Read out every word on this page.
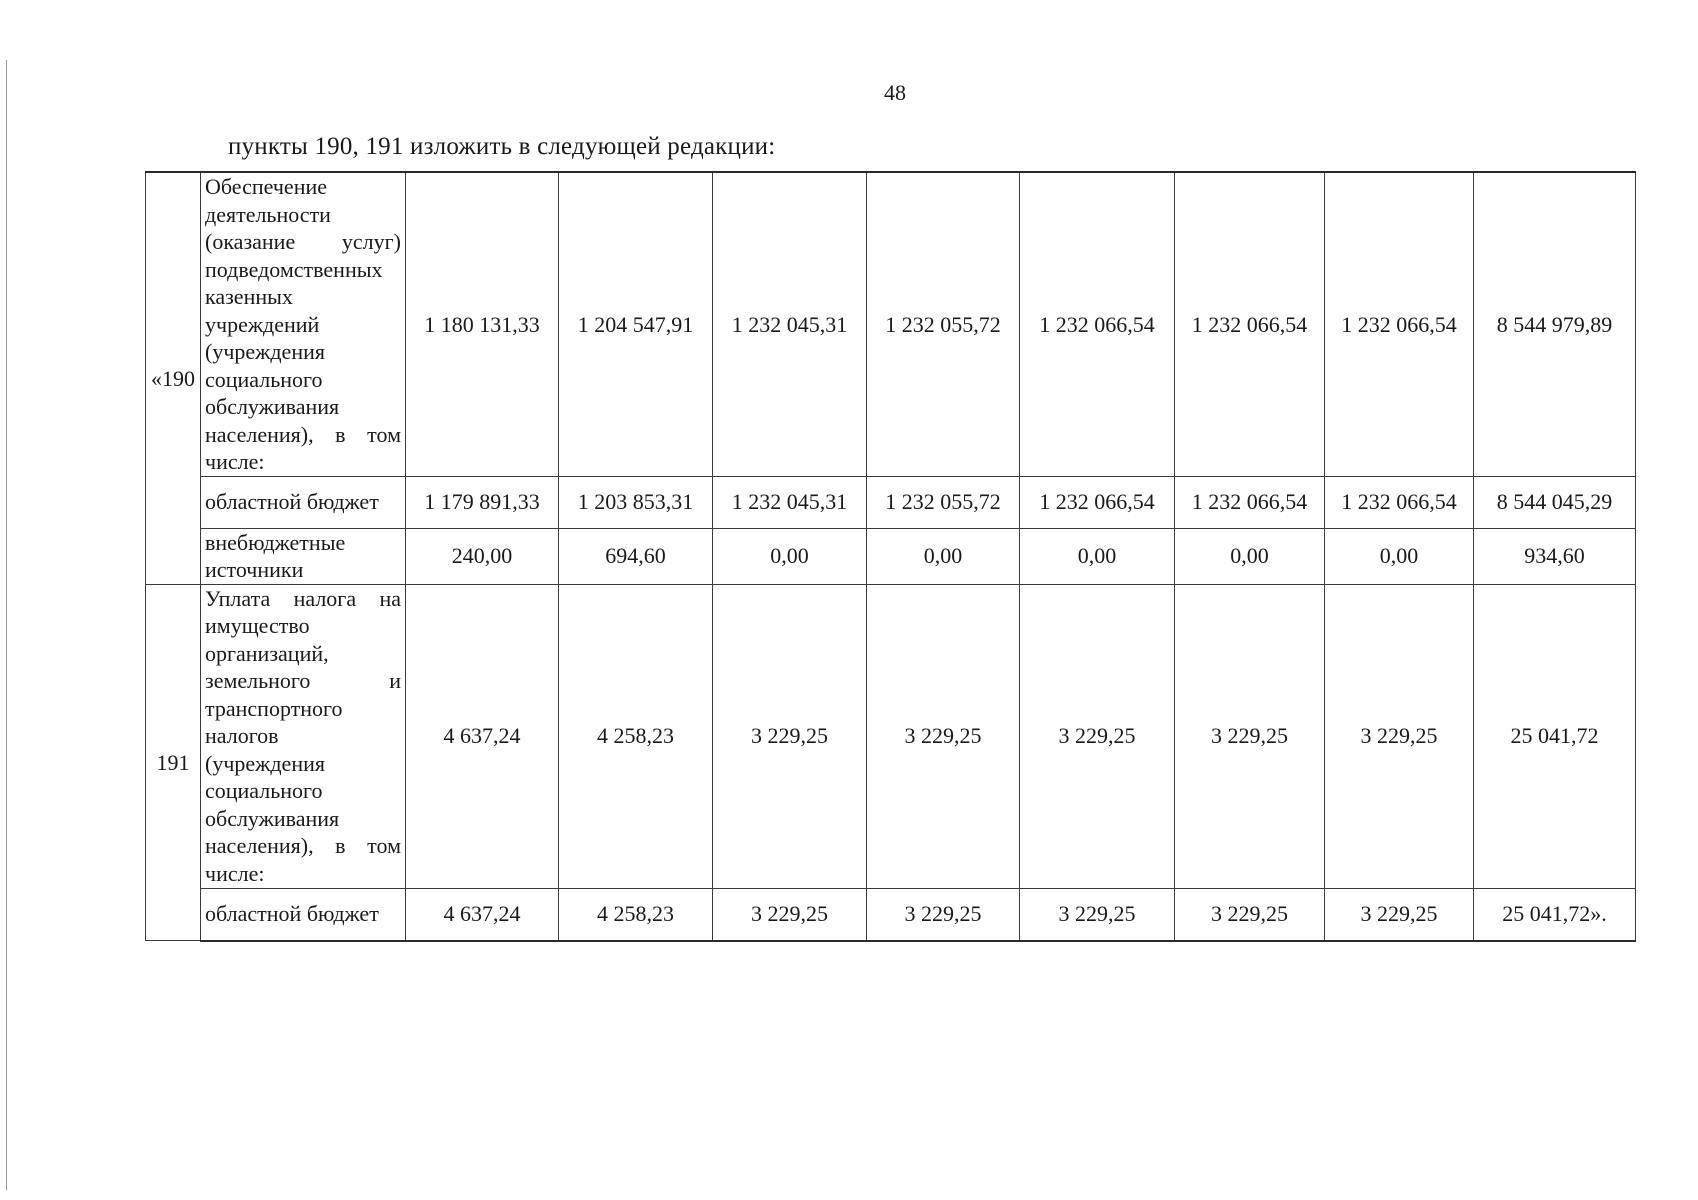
48
пункты 190, 191 изложить в следующей редакции:
«190	Обеспечение деятельности (оказание услуг) подведомственных казенных учреждений (учреждения социального обслуживания населения), в том числе:	1 180 131,33	1 204 547,91	1 232 045,31	1 232 055,72	1 232 066,54	1 232 066,54	1 232 066,54	8 544 979,89
	областной бюджет	1 179 891,33	1 203 853,31	1 232 045,31	1 232 055,72	1 232 066,54	1 232 066,54	1 232 066,54	8 544 045,29
	внебюджетные источники	240,00	694,60	0,00	0,00	0,00	0,00	0,00	934,60
191	Уплата налога на имущество организаций, земельного и транспортного налогов (учреждения социального обслуживания населения), в том числе:	4 637,24	4 258,23	3 229,25	3 229,25	3 229,25	3 229,25	3 229,25	25 041,72
	областной бюджет	4 637,24	4 258,23	3 229,25	3 229,25	3 229,25	3 229,25	3 229,25	25 041,72».
